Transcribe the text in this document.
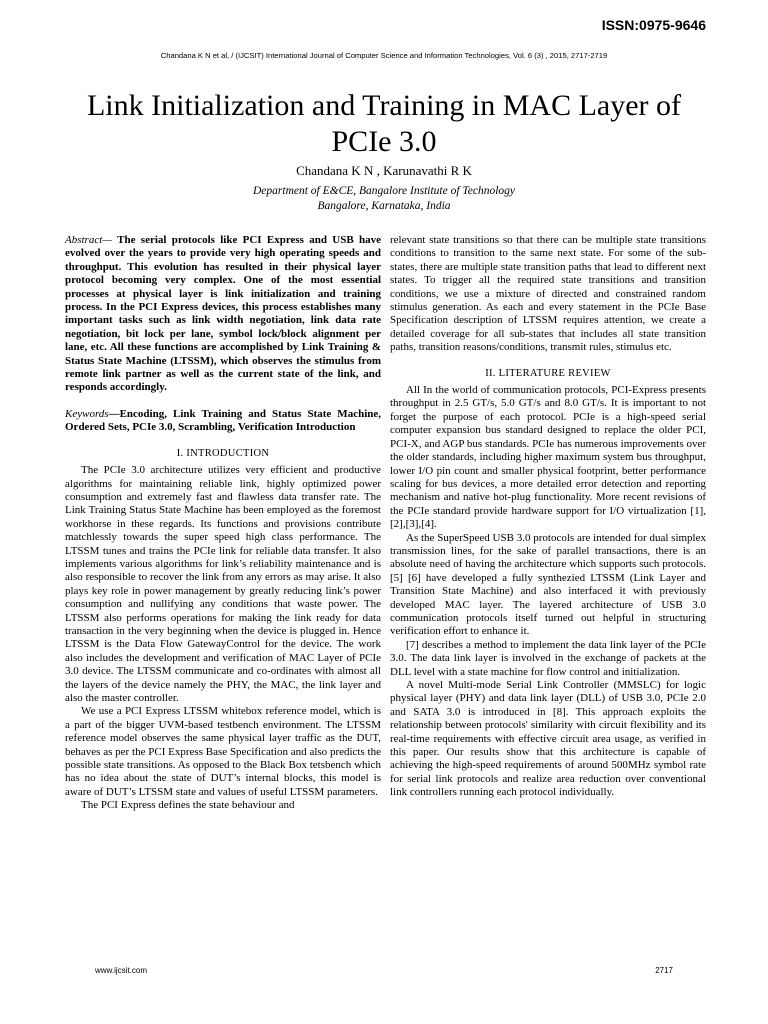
ISSN:0975-9646
Chandana K N et al, / (IJCSIT) International Journal of Computer Science and Information Technologies, Vol. 6 (3) , 2015, 2717-2719
Link Initialization and Training in MAC Layer of PCIe 3.0
Chandana K N , Karunavathi R K
Department of E&CE, Bangalore Institute of Technology
Bangalore, Karnataka, India

Abstract— The serial protocols like PCI Express and USB have evolved over the years to provide very high operating speeds and throughput. This evolution has resulted in their physical layer protocol becoming very complex. One of the most essential processes at physical layer is link initialization and training process. In the PCI Express devices, this process establishes many important tasks such as link width negotiation, link data rate negotiation, bit lock per lane, symbol lock/block alignment per lane, etc. All these functions are accomplished by Link Training & Status State Machine (LTSSM), which observes the stimulus from remote link partner as well as the current state of the link, and responds accordingly.

Keywords—Encoding, Link Training and Status State Machine, Ordered Sets, PCIe 3.0, Scrambling, Verification Introduction

I. INTRODUCTION

The PCIe 3.0 architecture utilizes very efficient and productive algorithms for maintaining reliable link, highly optimized power consumption and extremely fast and flawless data transfer rate. The Link Training Status State Machine has been employed as the foremost workhorse in these regards. Its functions and provisions contribute matchlessly towards the super speed high class performance. The LTSSM tunes and trains the PCIe link for reliable data transfer. It also implements various algorithms for link’s reliability maintenance and is also responsible to recover the link from any errors as may arise. It also plays key role in power management by greatly reducing link’s power consumption and nullifying any conditions that waste power. The LTSSM also performs operations for making the link ready for data transaction in the very beginning when the device is plugged in. Hence LTSSM is the Data Flow GatewayControl for the device. The work also includes the development and verification of MAC Layer of PCIe 3.0 device. The LTSSM communicate and co-ordinates with almost all the layers of the device namely the PHY, the MAC, the link layer and also the master controller.

We use a PCI Express LTSSM whitebox reference model, which is a part of the bigger UVM-based testbench environment. The LTSSM reference model observes the same physical layer traffic as the DUT, behaves as per the PCI Express Base Specification and also predicts the possible state transitions. As opposed to the Black Box tetsbench which has no idea about the state of DUT’s internal blocks, this model is aware of DUT’s LTSSM state and values of useful LTSSM parameters.

The PCI Express defines the state behaviour and

relevant state transitions so that there can be multiple state transitions conditions to transition to the same next state. For some of the sub-states, there are multiple state transition paths that lead to different next states. To trigger all the required state transitions and transition conditions, we use a mixture of directed and constrained random stimulus generation. As each and every statement in the PCIe Base Specification description of LTSSM requires attention, we create a detailed coverage for all sub-states that includes all state transition paths, transition reasons/conditions, transmit rules, stimulus etc.

II. LITERATURE REVIEW

All In the world of communication protocols, PCI-Express presents throughput in 2.5 GT/s, 5.0 GT/s and 8.0 GT/s. It is important to not forget the purpose of each protocol. PCIe is a high-speed serial computer expansion bus standard designed to replace the older PCI, PCI-X, and AGP bus standards. PCIe has numerous improvements over the older standards, including higher maximum system bus throughput, lower I/O pin count and smaller physical footprint, better performance scaling for bus devices, a more detailed error detection and reporting mechanism and native hot-plug functionality. More recent revisions of the PCIe standard provide hardware support for I/O virtualization [1],[2],[3],[4].

As the SuperSpeed USB 3.0 protocols are intended for dual simplex transmission lines, for the sake of parallel transactions, there is an absolute need of having the architecture which supports such protocols. [5] [6] have developed a fully synthezied LTSSM (Link Layer and Transition State Machine) and also interfaced it with previously developed MAC layer. The layered architecture of USB 3.0 communication protocols itself turned out helpful in structuring verification effort to enhance it.

[7] describes a method to implement the data link layer of the PCIe 3.0. The data link layer is involved in the exchange of packets at the DLL level with a state machine for flow control and initialization.

A novel Multi-mode Serial Link Controller (MMSLC) for logic physical layer (PHY) and data link layer (DLL) of USB 3.0, PCIe 2.0 and SATA 3.0 is introduced in [8]. This approach exploits the relationship between protocols' similarity with circuit flexibility and its real-time requirements with effective circuit area usage, as verified in this paper. Our results show that this architecture is capable of achieving the high-speed requirements of around 500MHz symbol rate for serial link protocols and realize area reduction over conventional link controllers running each protocol individually.

www.ijcsit.com	2717
